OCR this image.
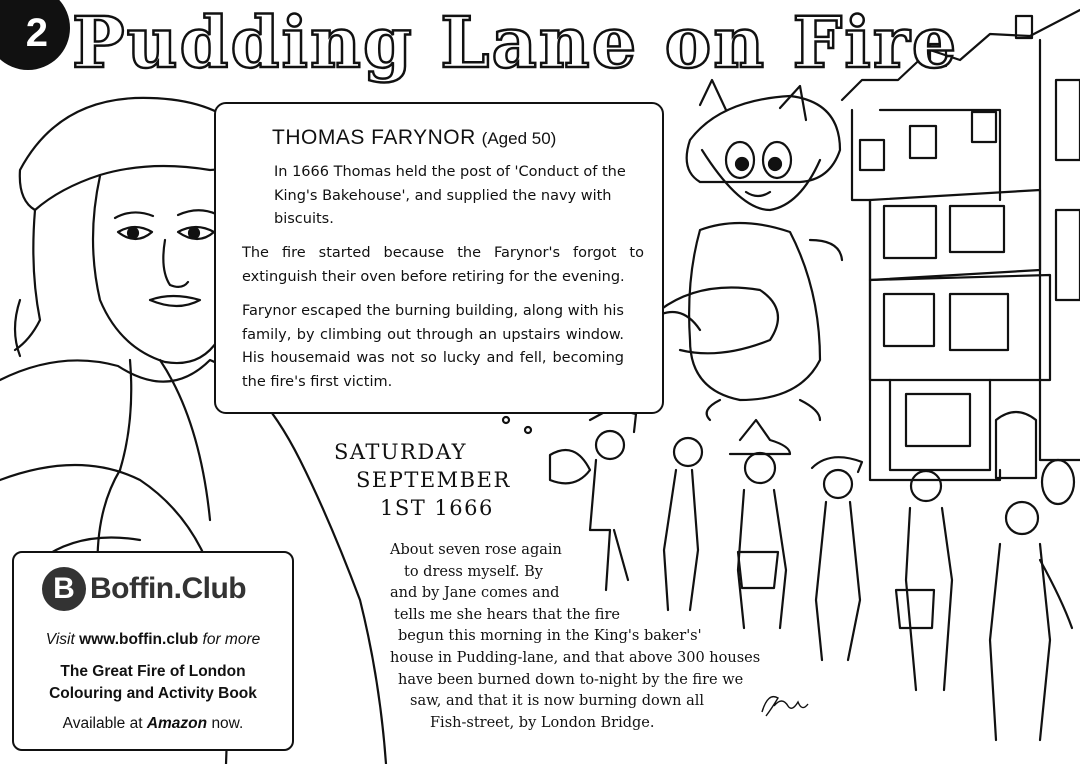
2 Pudding Lane on Fire
THOMAS FARYNOR (Aged 50)

In 1666 Thomas held the post of 'Conduct of the King's Bakehouse', and supplied the navy with biscuits.

The fire started because the Farynor's forgot to extinguish their oven before retiring for the evening.

Farynor escaped the burning building, along with his family, by climbing out through an upstairs window. His housemaid was not so lucky and fell, becoming the fire's first victim.

SATURDAY
SEPTEMBER
1ST 1666
About seven rose again
to dress myself. By
and by Jane comes and
tells me she hears that the fire
begun this morning in the King's baker's'
house in Pudding-lane, and that above 300 houses
have been burned down to-night by the fire we
saw, and that it is now burning down all
Fish-street, by London Bridge.
B Boffin.Club
Visit www.boffin.club for more
The Great Fire of London
Colouring and Activity Book
Available at Amazon now.
